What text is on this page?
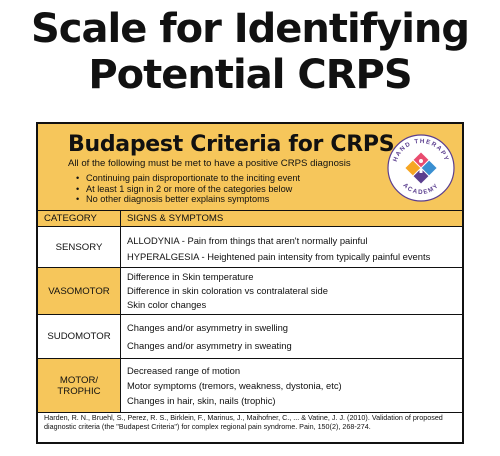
Scale for Identifying
Potential CRPS
Budapest Criteria for CRPS
All of the following must be met to have a positive CRPS diagnosis
• Continuing pain disproportionate to the inciting event
• At least 1 sign in 2 or more of the categories below
• No other diagnosis better explains symptoms
HAND THERAPY
ACADEMY
CATEGORY	SIGNS & SYMPTOMS
SENSORY
ALLODYNIA - Pain from things that aren't normally painful
HYPERALGESIA - Heightened pain intensity from typically painful events
VASOMOTOR
Difference in Skin temperature
Difference in skin coloration vs contralateral side
Skin color changes
SUDOMOTOR
Changes and/or asymmetry in swelling
Changes and/or asymmetry in sweating
MOTOR/
TROPHIC
Decreased range of motion
Motor symptoms (tremors, weakness, dystonia, etc)
Changes in hair, skin, nails (trophic)
Harden, R. N., Bruehl, S., Perez, R. S., Birklein, F., Marinus, J., Maihofner, C., ... & Vatine, J. J. (2010). Validation of proposed diagnostic criteria (the "Budapest Criteria") for complex regional pain syndrome. Pain, 150(2), 268-274.
